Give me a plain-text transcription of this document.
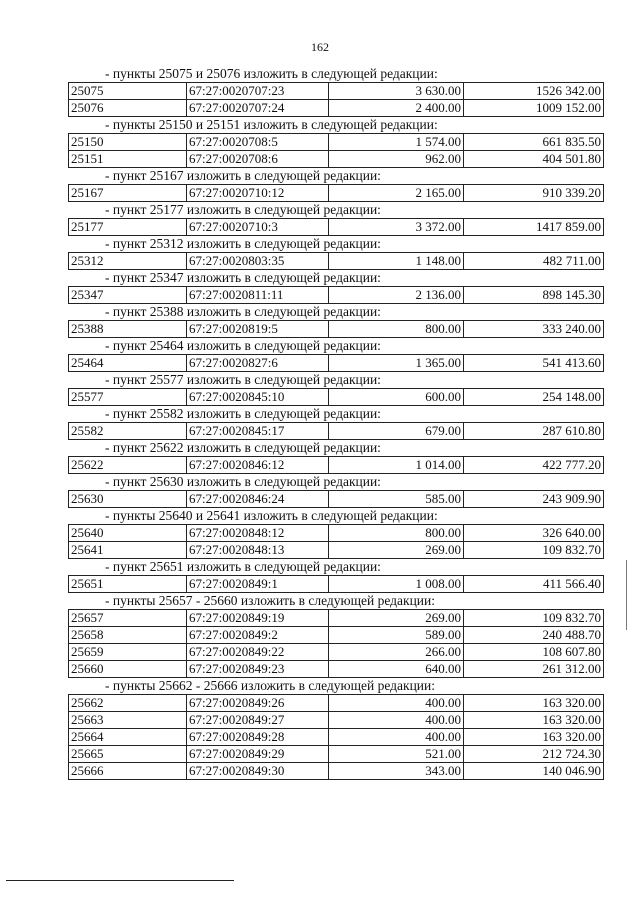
162
- пункты 25075 и 25076 изложить в следующей редакции:
25075	67:27:0020707:23	3 630.00	1526 342.00
25076	67:27:0020707:24	2 400.00	1009 152.00
- пункты 25150 и 25151 изложить в следующей редакции:
25150	67:27:0020708:5	1 574.00	661 835.50
25151	67:27:0020708:6	962.00	404 501.80
- пункт 25167 изложить в следующей редакции:
25167	67:27:0020710:12	2 165.00	910 339.20
- пункт 25177 изложить в следующей редакции:
25177	67:27:0020710:3	3 372.00	1417 859.00
- пункт 25312 изложить в следующей редакции:
25312	67:27:0020803:35	1 148.00	482 711.00
- пункт 25347 изложить в следующей редакции:
25347	67:27:0020811:11	2 136.00	898 145.30
- пункт 25388 изложить в следующей редакции:
25388	67:27:0020819:5	800.00	333 240.00
- пункт 25464 изложить в следующей редакции:
25464	67:27:0020827:6	1 365.00	541 413.60
- пункт 25577 изложить в следующей редакции:
25577	67:27:0020845:10	600.00	254 148.00
- пункт 25582 изложить в следующей редакции:
25582	67:27:0020845:17	679.00	287 610.80
- пункт 25622 изложить в следующей редакции:
25622	67:27:0020846:12	1 014.00	422 777.20
- пункт 25630 изложить в следующей редакции:
25630	67:27:0020846:24	585.00	243 909.90
- пункты 25640 и 25641 изложить в следующей редакции:
25640	67:27:0020848:12	800.00	326 640.00
25641	67:27:0020848:13	269.00	109 832.70
- пункт 25651 изложить в следующей редакции:
25651	67:27:0020849:1	1 008.00	411 566.40
- пункты 25657 - 25660 изложить в следующей редакции:
25657	67:27:0020849:19	269.00	109 832.70
25658	67:27:0020849:2	589.00	240 488.70
25659	67:27:0020849:22	266.00	108 607.80
25660	67:27:0020849:23	640.00	261 312.00
- пункты 25662 - 25666 изложить в следующей редакции:
25662	67:27:0020849:26	400.00	163 320.00
25663	67:27:0020849:27	400.00	163 320.00
25664	67:27:0020849:28	400.00	163 320.00
25665	67:27:0020849:29	521.00	212 724.30
25666	67:27:0020849:30	343.00	140 046.90
